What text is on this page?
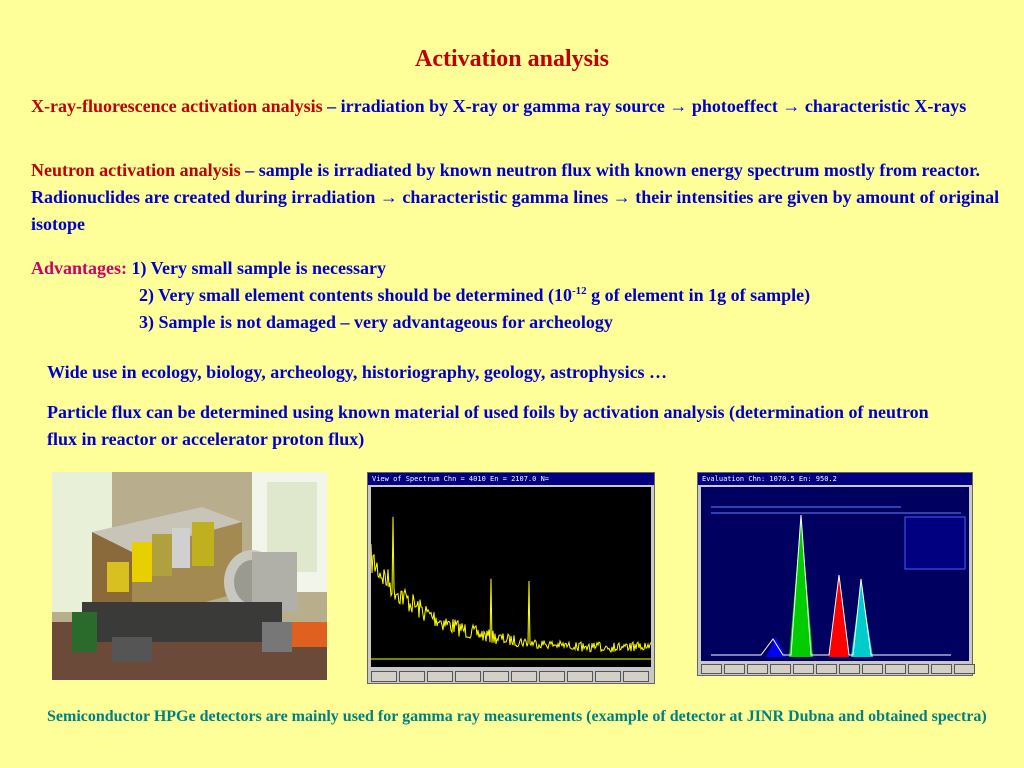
Activation analysis
X-ray-fluorescence activation analysis – irradiation by X-ray or gamma ray source → photoeffect → characteristic X-rays
Neutron activation analysis – sample is irradiated by known neutron flux with known energy spectrum mostly from reactor. Radionuclides are created during irradiation → characteristic gamma lines → their intensities are given by amount of original isotope
Advantages: 1) Very small sample is necessary
2) Very small element contents should be determined ($10^{-12}$ g of element in 1g of sample)
3) Sample is not damaged – very advantageous for archeology
Wide use in ecology, biology, archeology, historiography, geology, astrophysics …
Particle flux can be determined using known material of used foils by activation analysis (determination of neutron flux in reactor or accelerator proton flux)
View of Spectrum Chn = 4010 En = 2107.0 N=	Evaluation Chn: 1070.5 En: 950.2
Semiconductor HPGe detectors are mainly used for gamma ray measurements (example of detector at JINR Dubna and obtained spectra)
